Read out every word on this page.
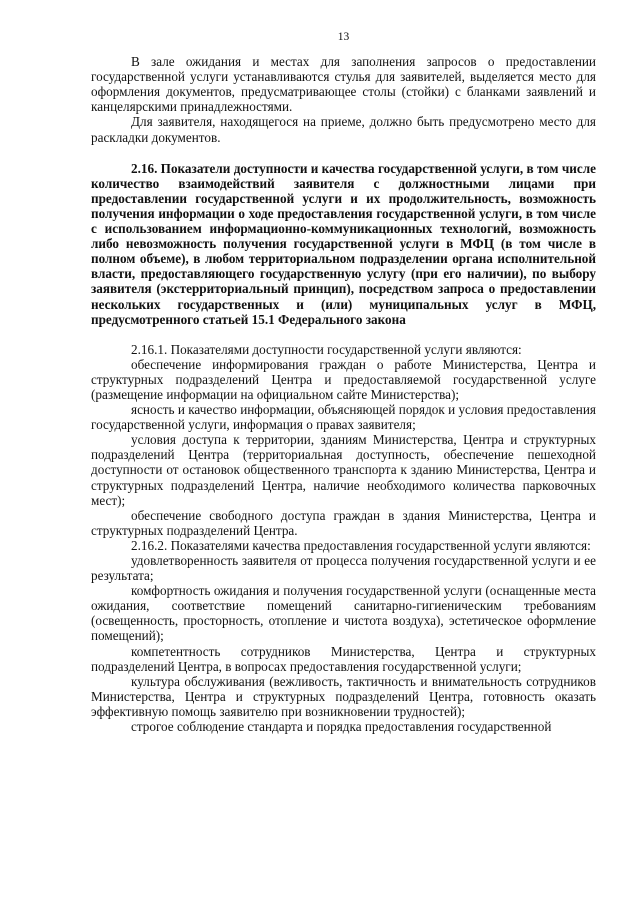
13

В зале ожидания и местах для заполнения запросов о предоставлении государственной услуги устанавливаются стулья для заявителей, выделяется место для оформления документов, предусматривающее столы (стойки) с бланками заявлений и канцелярскими принадлежностями.

Для заявителя, находящегося на приеме, должно быть предусмотрено место для раскладки документов.

2.16. Показатели доступности и качества государственной услуги, в том числе количество взаимодействий заявителя с должностными лицами при предоставлении государственной услуги и их продолжительность, возможность получения информации о ходе предоставления государственной услуги, в том числе с использованием информационно-коммуникационных технологий, возможность либо невозможность получения государственной услуги в МФЦ (в том числе в полном объеме), в любом территориальном подразделении органа исполнительной власти, предоставляющего государственную услугу (при его наличии), по выбору заявителя (экстерриториальный принцип), посредством запроса о предоставлении нескольких государственных и (или) муниципальных услуг в МФЦ, предусмотренного статьей 15.1 Федерального закона

2.16.1. Показателями доступности государственной услуги являются:

обеспечение информирования граждан о работе Министерства, Центра и структурных подразделений Центра и предоставляемой государственной услуге (размещение информации на официальном сайте Министерства);

ясность и качество информации, объясняющей порядок и условия предоставления государственной услуги, информация о правах заявителя;

условия доступа к территории, зданиям Министерства, Центра и структурных подразделений Центра (территориальная доступность, обеспечение пешеходной доступности от остановок общественного транспорта к зданию Министерства, Центра и структурных подразделений Центра, наличие необходимого количества парковочных мест);

обеспечение свободного доступа граждан в здания Министерства, Центра и структурных подразделений Центра.

2.16.2. Показателями качества предоставления государственной услуги являются:

удовлетворенность заявителя от процесса получения государственной услуги и ее результата;

комфортность ожидания и получения государственной услуги (оснащенные места ожидания, соответствие помещений санитарно-гигиеническим требованиям (освещенность, просторность, отопление и чистота воздуха), эстетическое оформление помещений);

компетентность сотрудников Министерства, Центра и структурных подразделений Центра, в вопросах предоставления государственной услуги;

культура обслуживания (вежливость, тактичность и внимательность сотрудников Министерства, Центра и структурных подразделений Центра, готовность оказать эффективную помощь заявителю при возникновении трудностей);

строгое соблюдение стандарта и порядка предоставления государственной
